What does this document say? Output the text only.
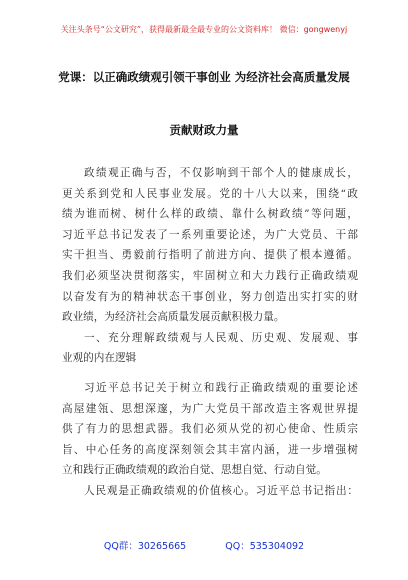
关注头条号“公文研究”，获得最新最全最专业的公文资料库！ 微信：gongwenyj
党课：以正确政绩观引领干事创业 为经济社会高质量发展
贡献财政力量
政绩观正确与否，不仅影响到干部个人的健康成长，
更关系到党和人民事业发展。党的十八大以来，围绕“政
绩为谁而树、树什么样的政绩、靠什么树政绩”等问题，
习近平总书记发表了一系列重要论述，为广大党员、干部
实干担当、勇毅前行指明了前进方向、提供了根本遵循。
我们必须坚决贯彻落实，牢固树立和大力践行正确政绩观
以奋发有为的精神状态干事创业，努力创造出实打实的财
政业绩，为经济社会高质量发展贡献积极力量。
一、充分理解政绩观与人民观、历史观、发展观、事
业观的内在逻辑
习近平总书记关于树立和践行正确政绩观的重要论述
高屋建瓴、思想深邃，为广大党员干部改造主客观世界提
供了有力的思想武器。我们必须从党的初心使命、性质宗
旨、中心任务的高度深刻领会其丰富内涵，进一步增强树
立和践行正确政绩观的政治自觉、思想自觉、行动自觉。
人民观是正确政绩观的价值核心。习近平总书记指出：
QQ群：30265665	QQ：535304092
